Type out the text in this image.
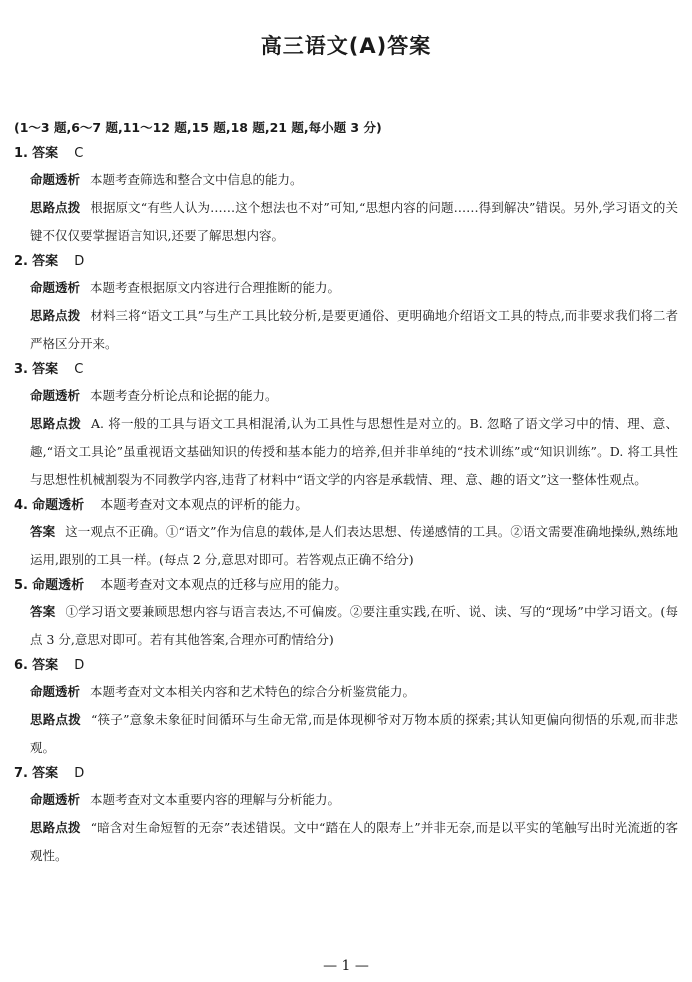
高三语文(A)答案
(1～3 题,6～7 题,11～12 题,15 题,18 题,21 题,每小题 3 分)
1. 答案 C
命题透析 本题考查筛选和整合文中信息的能力。
思路点拨 根据原文“有些人认为……这个想法也不对”可知,“思想内容的问题……得到解决”错误。另外,学习语文的关键不仅仅要掌握语言知识,还要了解思想内容。
2. 答案 D
命题透析 本题考查根据原文内容进行合理推断的能力。
思路点拨 材料三将“语文工具”与生产工具比较分析,是要更通俗、更明确地介绍语文工具的特点,而非要求我们将二者严格区分开来。
3. 答案 C
命题透析 本题考查分析论点和论据的能力。
思路点拨 A. 将一般的工具与语文工具相混淆,认为工具性与思想性是对立的。B. 忽略了语文学习中的情、理、意、趣,“语文工具论”虽重视语文基础知识的传授和基本能力的培养,但并非单纯的“技术训练”或“知识训练”。D. 将工具性与思想性机械割裂为不同教学内容,违背了材料中“语文学的内容是承载情、理、意、趣的语文”这一整体性观点。
4. 命题透析 本题考查对文本观点的评析的能力。
答案 这一观点不正确。①“语文”作为信息的载体,是人们表达思想、传递感情的工具。②语文需要准确地操纵,熟练地运用,跟别的工具一样。(每点 2 分,意思对即可。若答观点正确不给分)
5. 命题透析 本题考查对文本观点的迁移与应用的能力。
答案 ①学习语文要兼顾思想内容与语言表达,不可偏废。②要注重实践,在听、说、读、写的“现场”中学习语文。(每点 3 分,意思对即可。若有其他答案,合理亦可酌情给分)
6. 答案 D
命题透析 本题考查对文本相关内容和艺术特色的综合分析鉴赏能力。
思路点拨 “筷子”意象未象征时间循环与生命无常,而是体现柳爷对万物本质的探索;其认知更偏向彻悟的乐观,而非悲观。
7. 答案 D
命题透析 本题考查对文本重要内容的理解与分析能力。
思路点拨 “暗含对生命短暂的无奈”表述错误。文中“踏在人的限寿上”并非无奈,而是以平实的笔触写出时光流逝的客观性。
— 1 —
